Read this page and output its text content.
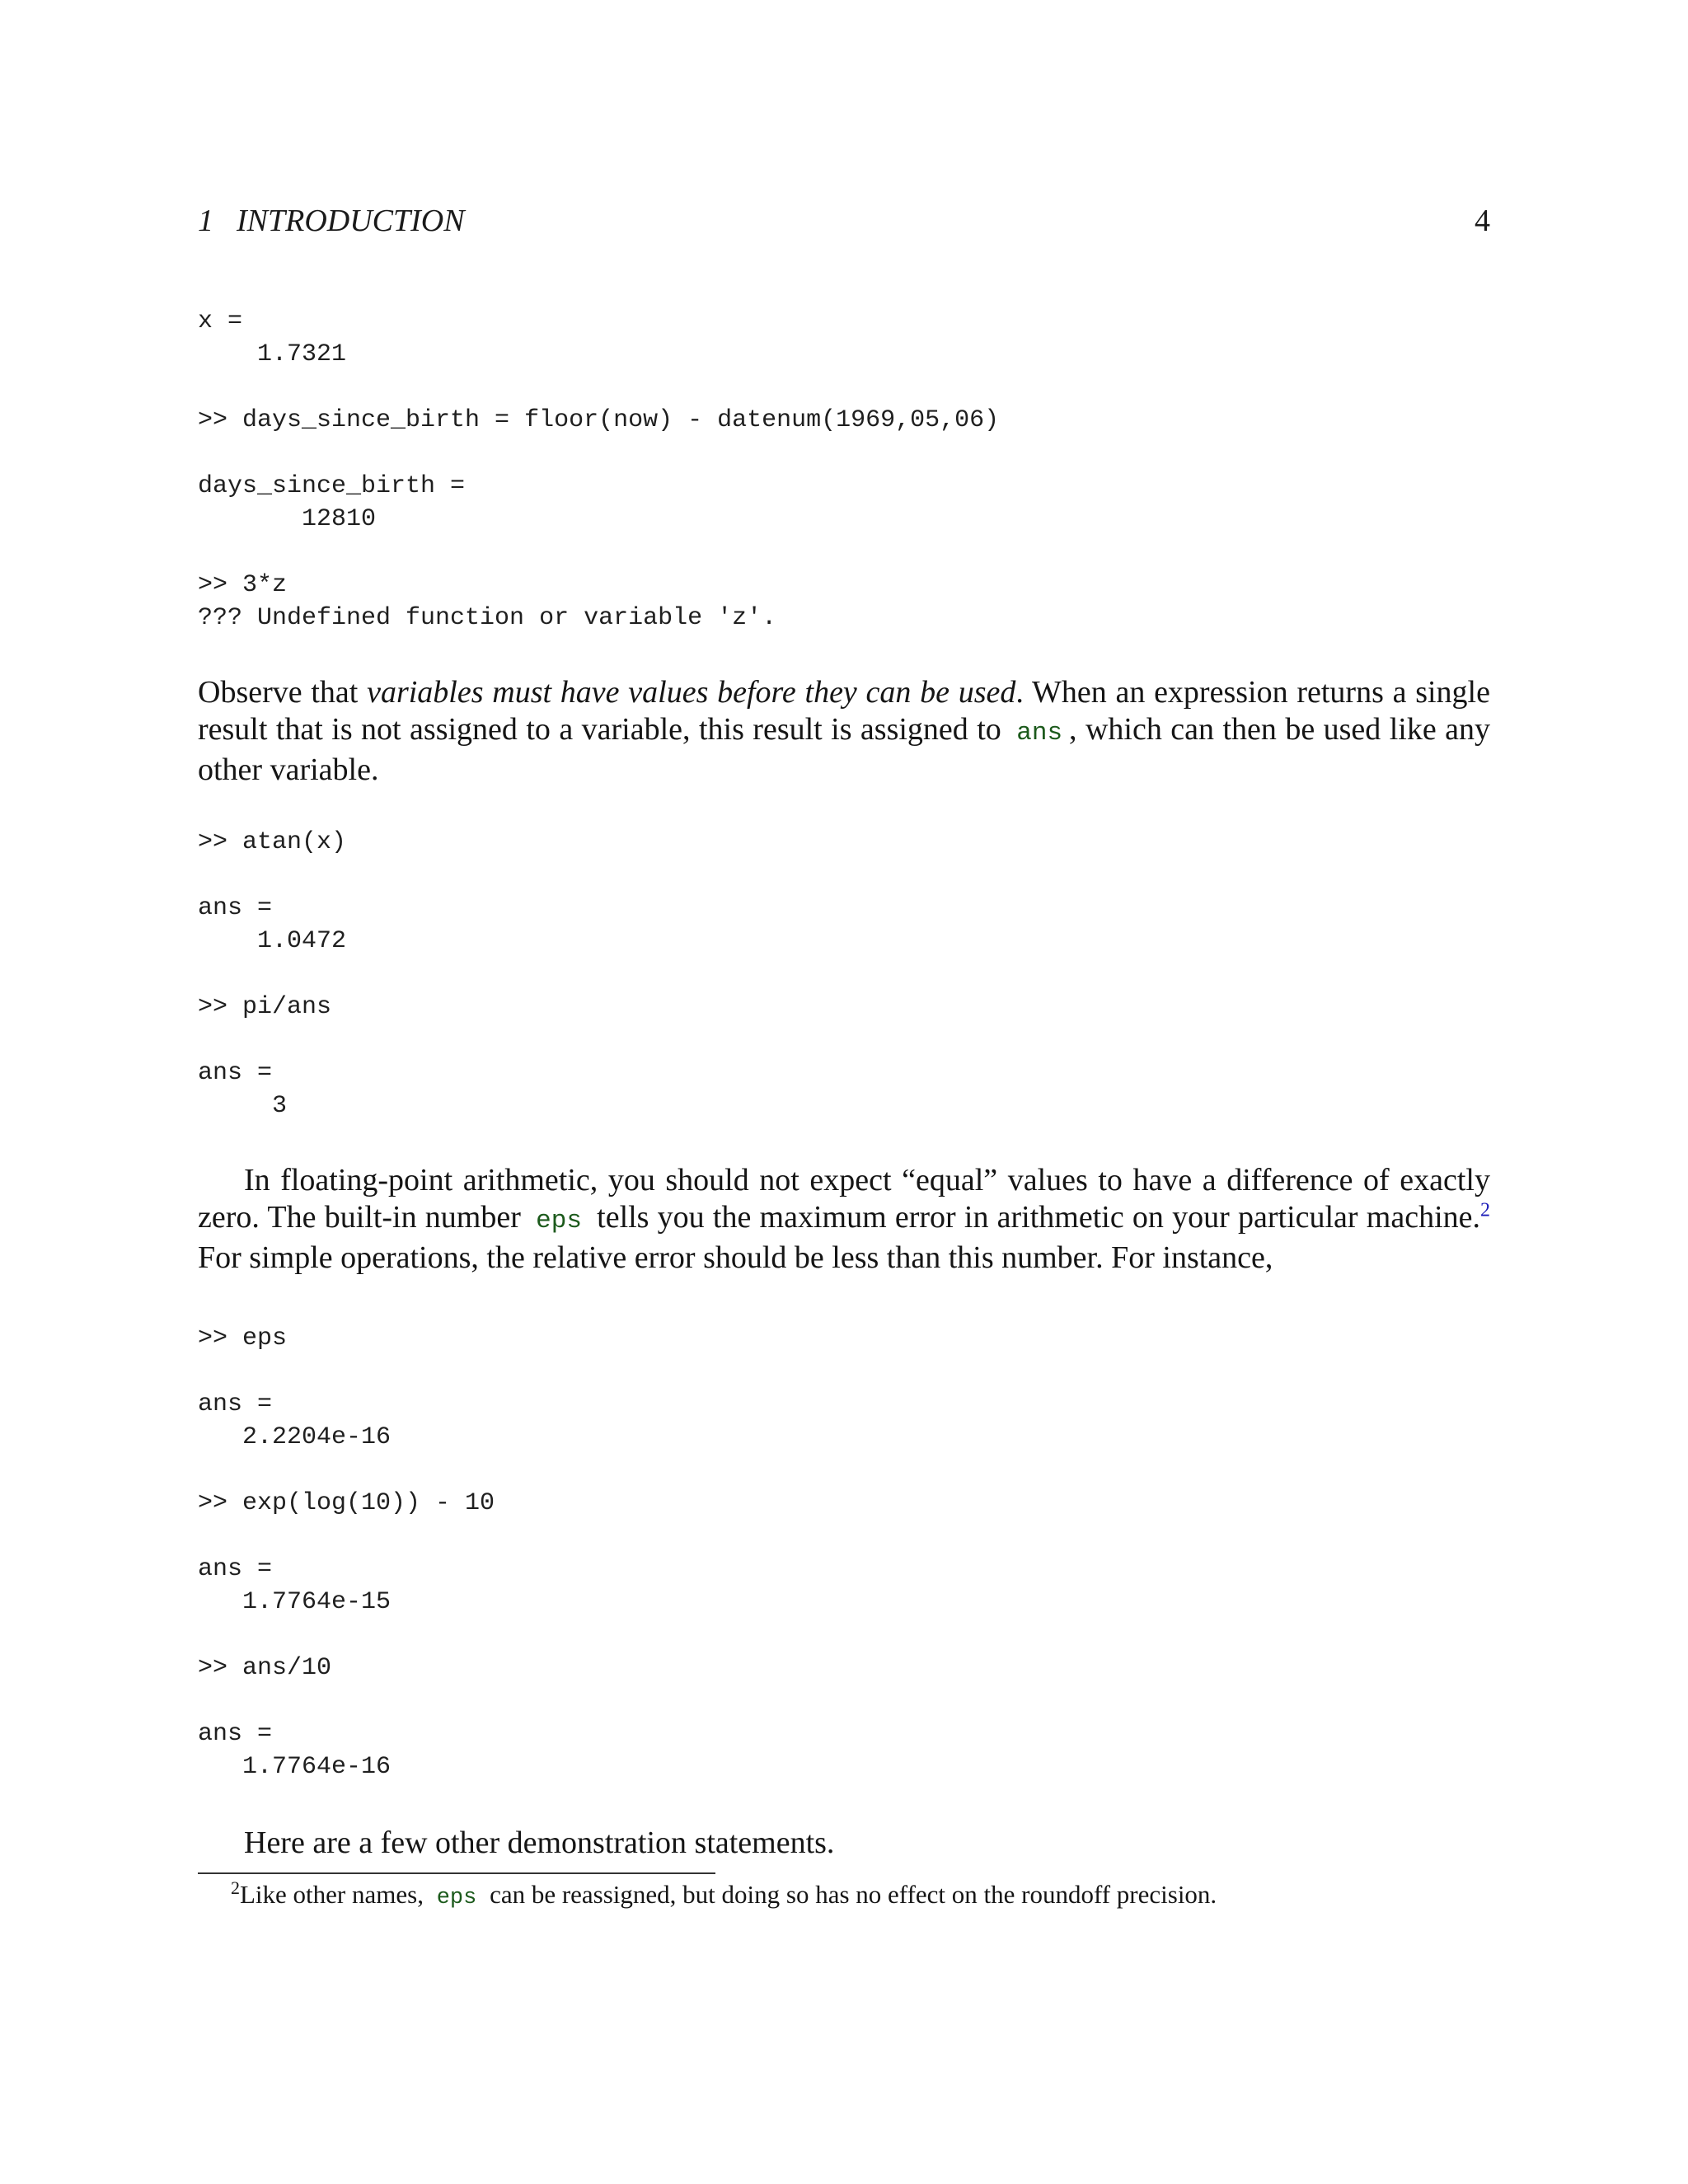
1 INTRODUCTION	4
x =
1.7321

>> days_since_birth = floor(now) - datenum(1969,05,06)

days_since_birth =
12810

>> 3*z
??? Undefined function or variable 'z'.
Observe that variables must have values before they can be used. When an expression returns a single result that is not assigned to a variable, this result is assigned to ans , which can then be used like any other variable.
>> atan(x)

ans =
1.0472

>> pi/ans

ans =
3
In floating-point arithmetic, you should not expect “equal” values to have a difference of exactly zero. The built-in number eps tells you the maximum error in arithmetic on your particular machine.$^2$ For simple operations, the relative error should be less than this number. For instance,
>> eps

ans =
2.2204e-16

>> exp(log(10)) - 10

ans =
1.7764e-15

>> ans/10

ans =
1.7764e-16
Here are a few other demonstration statements.
$^2$Like other names, eps can be reassigned, but doing so has no effect on the roundoff precision.
